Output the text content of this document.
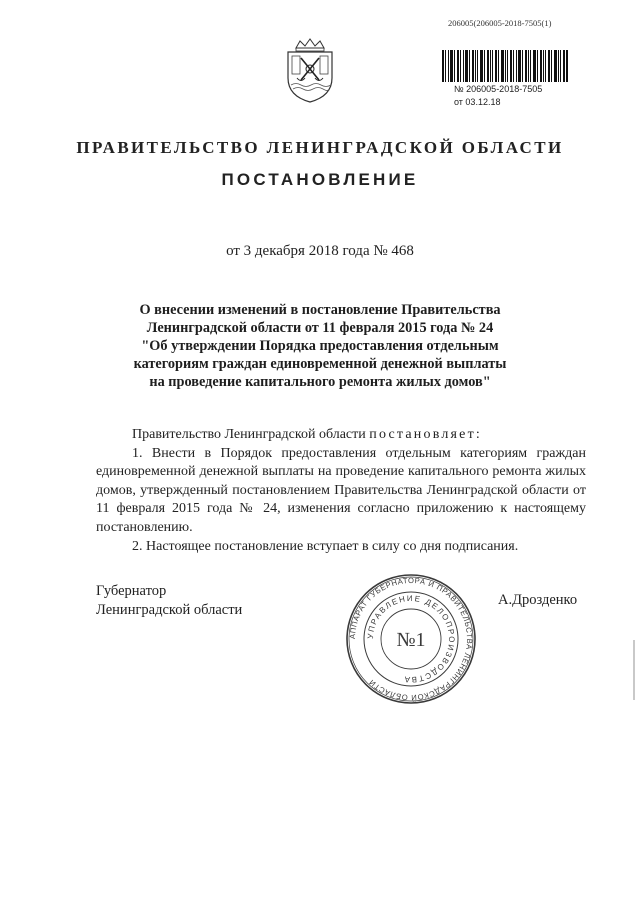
206005(206005-2018-7505(1)
№ 206005-2018-7505
от 03.12.18
ПРАВИТЕЛЬСТВО ЛЕНИНГРАДСКОЙ ОБЛАСТИ
ПОСТАНОВЛЕНИЕ
от 3 декабря 2018 года № 468
О внесении изменений в постановление Правительства
Ленинградской области от 11 февраля 2015 года № 24
"Об утверждении Порядка предоставления отдельным
категориям граждан единовременной денежной выплаты
на проведение капитального ремонта жилых домов"
Правительство Ленинградской области постановляет:

1. Внести в Порядок предоставления отдельным категориям граждан единовременной денежной выплаты на проведение капитального ремонта жилых домов, утвержденный постановлением Правительства Ленинградской области от 11 февраля 2015 года № 24, изменения согласно приложению к настоящему постановлению.

2. Настоящее постановление вступает в силу со дня подписания.

Губернатор
Ленинградской области
А.Дрозденко
АППАРАТ ГУБЕРНАТОРА И ПРАВИТЕЛЬСТВА ЛЕНИНГРАДСКОЙ ОБЛАСТИ
УПРАВЛЕНИЕ ДЕЛОПРОИЗВОДСТВА
№1
